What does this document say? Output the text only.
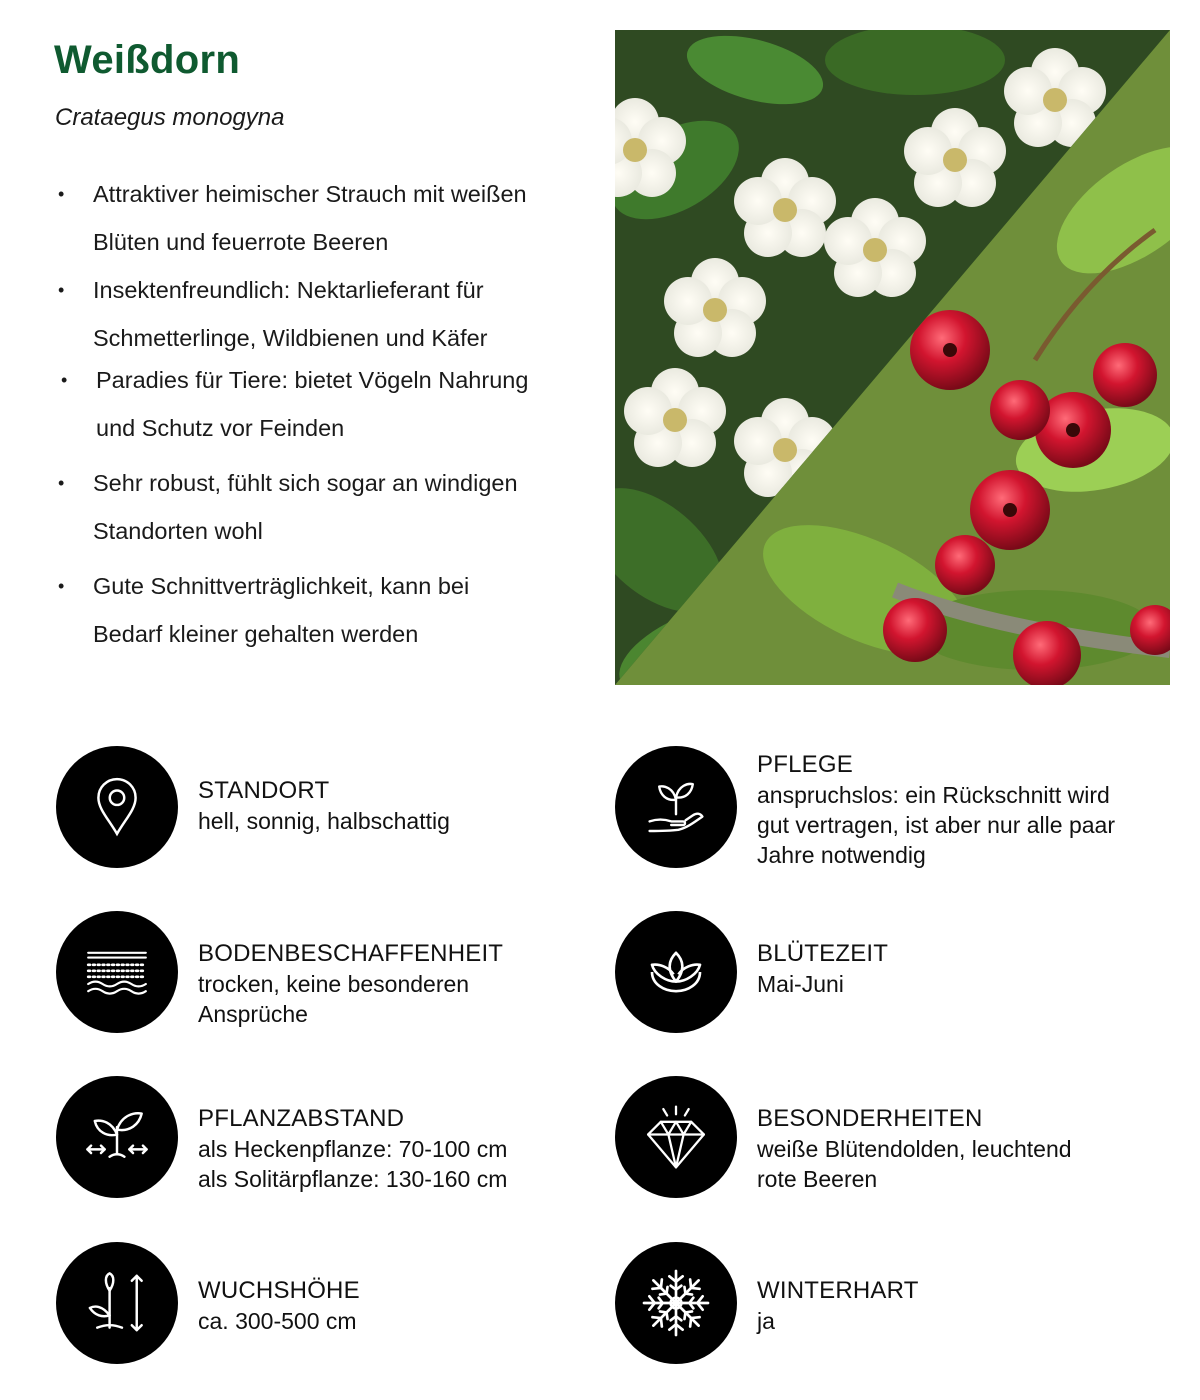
Weißdorn
Crataegus monogyna
• Attraktiver heimischer Strauch mit weißen
Blüten und feuerrote Beeren
• Insektenfreundlich: Nektarlieferant für
Schmetterlinge, Wildbienen und Käfer
• Paradies für Tiere: bietet Vögeln Nahrung
und Schutz vor Feinden
• Sehr robust, fühlt sich sogar an windigen
Standorten wohl
• Gute Schnittverträglichkeit, kann bei
Bedarf kleiner gehalten werden
STANDORT
hell, sonnig, halbschattig
PFLEGE
anspruchslos: ein Rückschnitt wird
gut vertragen, ist aber nur alle paar
Jahre notwendig
BODENBESCHAFFENHEIT
trocken, keine besonderen
Ansprüche
BLÜTEZEIT
Mai-Juni
PFLANZABSTAND
als Heckenpflanze: 70-100 cm
als Solitärpflanze: 130-160 cm
BESONDERHEITEN
weiße Blütendolden, leuchtend
rote Beeren
WUCHSHÖHE
ca. 300-500 cm
WINTERHART
ja
